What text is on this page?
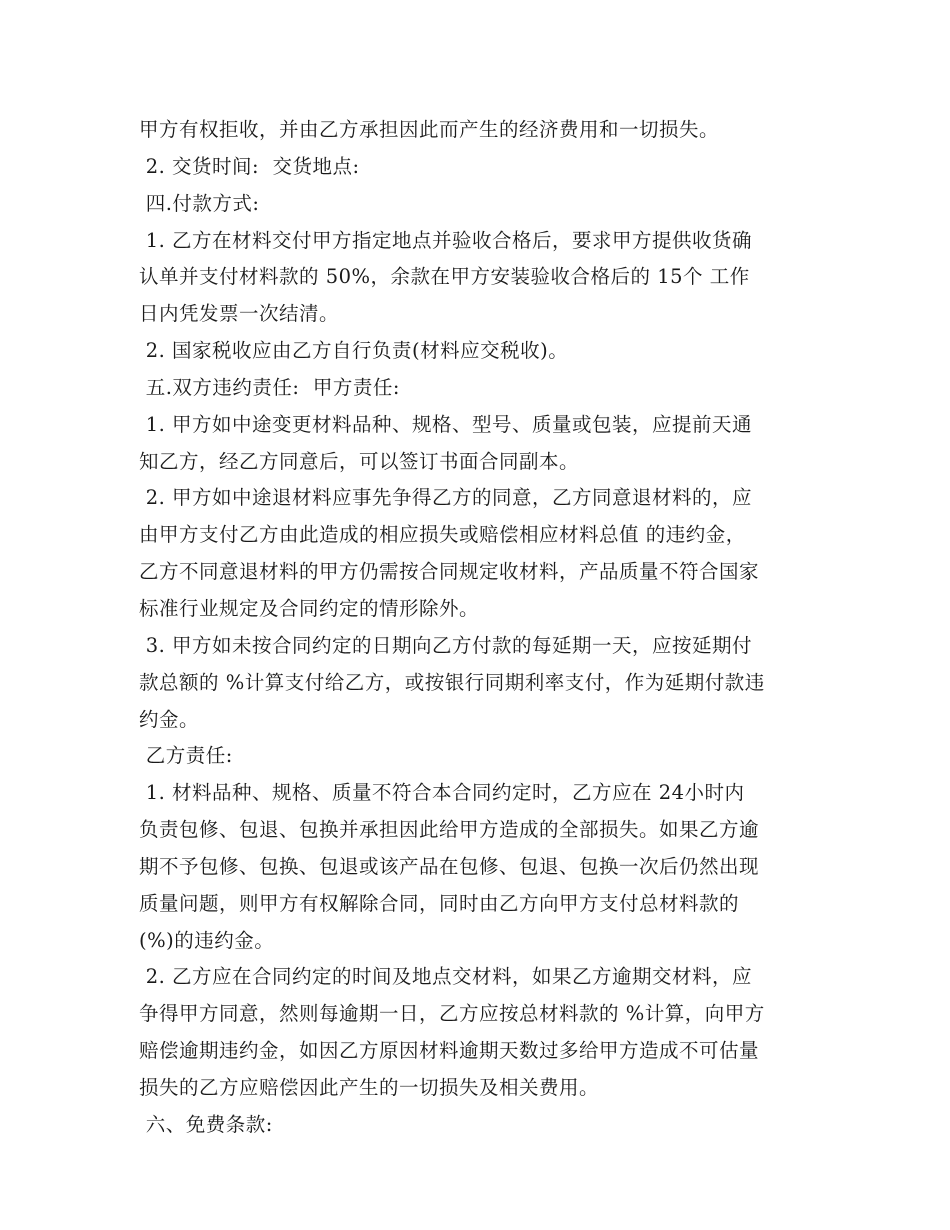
甲方有权拒收，并由乙方承担因此而产生的经济费用和一切损失。
2. 交货时间:  交货地点:
四.付款方式:
1. 乙方在材料交付甲方指定地点并验收合格后，要求甲方提供收货确
认单并支付材料款的 50%，余款在甲方安装验收合格后的 15个 工作
日内凭发票一次结清。
2. 国家税收应由乙方自行负责(材料应交税收)。
五.双方违约责任:  甲方责任:
1. 甲方如中途变更材料品种、规格、型号、质量或包装，应提前天通
知乙方，经乙方同意后，可以签订书面合同副本。
2. 甲方如中途退材料应事先争得乙方的同意，乙方同意退材料的，应
由甲方支付乙方由此造成的相应损失或赔偿相应材料总值 的违约金，
乙方不同意退材料的甲方仍需按合同规定收材料，产品质量不符合国家
标准行业规定及合同约定的情形除外。
3. 甲方如未按合同约定的日期向乙方付款的每延期一天，应按延期付
款总额的 %计算支付给乙方，或按银行同期利率支付，作为延期付款违
约金。
乙方责任:
1. 材料品种、规格、质量不符合本合同约定时，乙方应在 24小时内
负责包修、包退、包换并承担因此给甲方造成的全部损失。如果乙方逾
期不予包修、包换、包退或该产品在包修、包退、包换一次后仍然出现
质量问题，则甲方有权解除合同，同时由乙方向甲方支付总材料款的
(%)的违约金。
2. 乙方应在合同约定的时间及地点交材料，如果乙方逾期交材料，应
争得甲方同意，然则每逾期一日，乙方应按总材料款的 %计算，向甲方
赔偿逾期违约金，如因乙方原因材料逾期天数过多给甲方造成不可估量
损失的乙方应赔偿因此产生的一切损失及相关费用。
六、免费条款:
